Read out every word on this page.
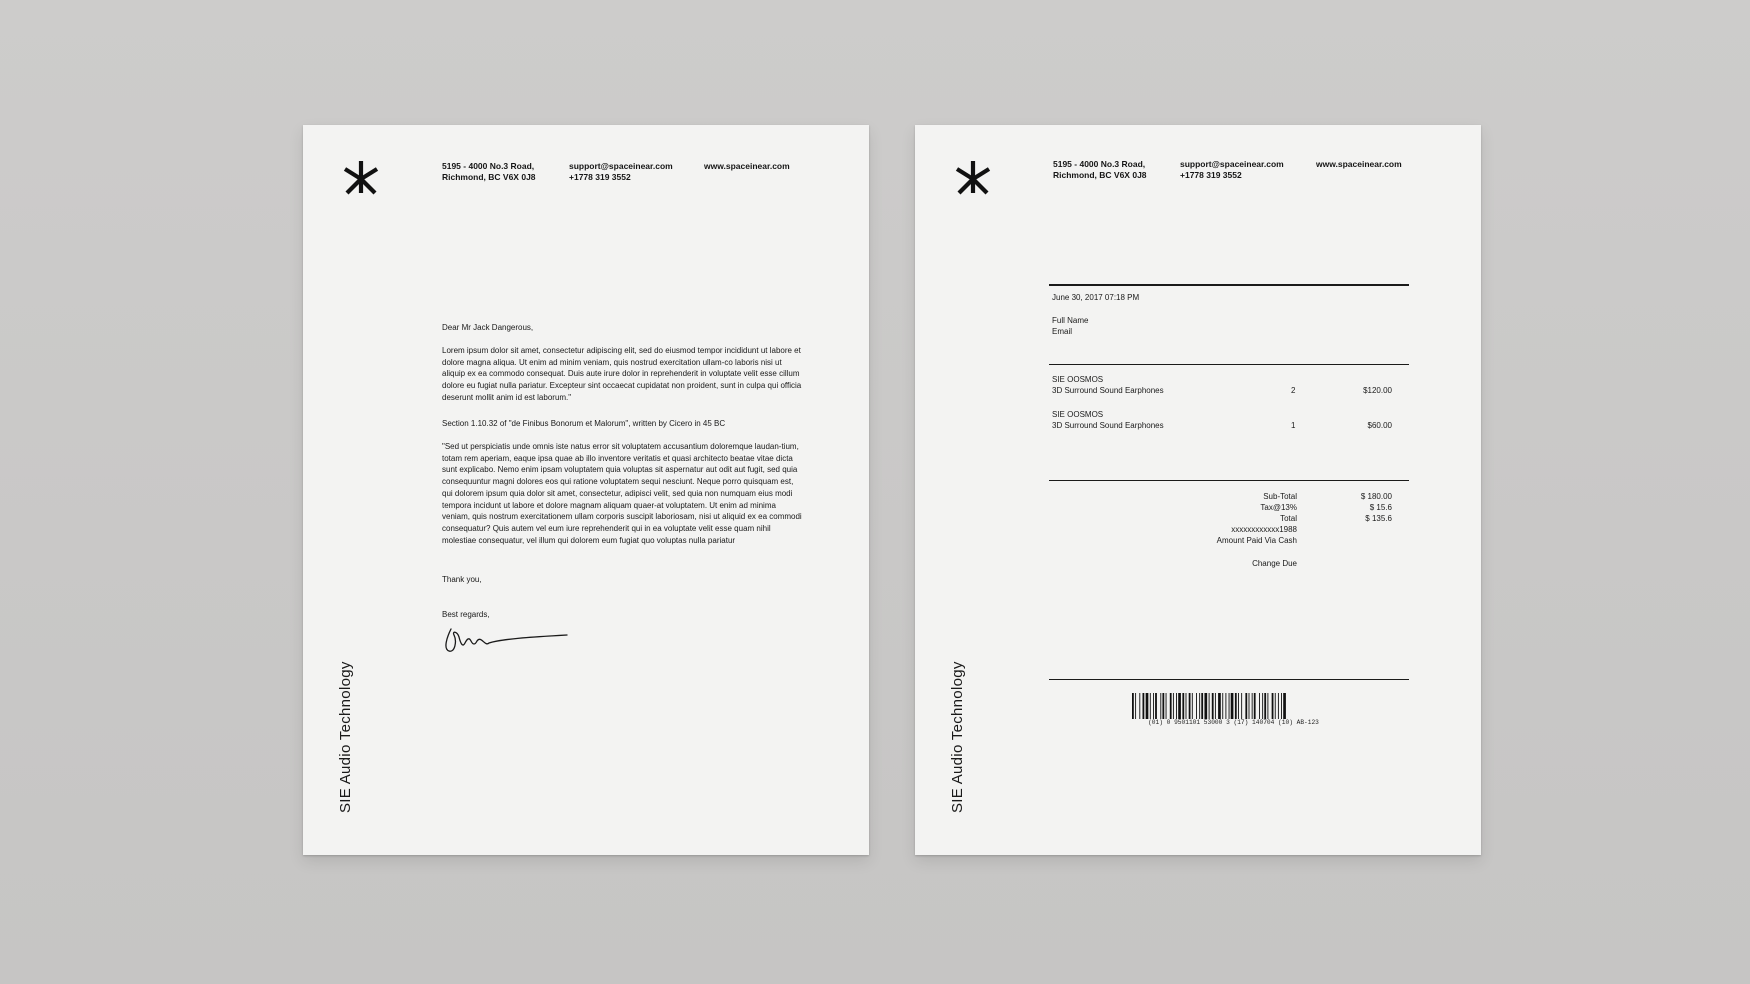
5195 - 4000 No.3 Road,
Richmond, BC V6X 0J8
support@spaceinear.com
+1778 319 3552
www.spaceinear.com
Dear Mr Jack Dangerous,
Lorem ipsum dolor sit amet, consectetur adipiscing elit, sed do eiusmod tempor incididunt ut labore et dolore magna aliqua. Ut enim ad minim veniam, quis nostrud exercitation ullam-co laboris nisi ut aliquip ex ea commodo consequat. Duis aute irure dolor in reprehenderit in voluptate velit esse cillum dolore eu fugiat nulla pariatur. Excepteur sint occaecat cupidatat non proident, sunt in culpa qui officia deserunt mollit anim id est laborum."
Section 1.10.32 of "de Finibus Bonorum et Malorum", written by Cicero in 45 BC
"Sed ut perspiciatis unde omnis iste natus error sit voluptatem accusantium doloremque laudan-tium, totam rem aperiam, eaque ipsa quae ab illo inventore veritatis et quasi architecto beatae vitae dicta sunt explicabo. Nemo enim ipsam voluptatem quia voluptas sit aspernatur aut odit aut fugit, sed quia consequuntur magni dolores eos qui ratione voluptatem sequi nesciunt. Neque porro quisquam est, qui dolorem ipsum quia dolor sit amet, consectetur, adipisci velit, sed quia non numquam eius modi tempora incidunt ut labore et dolore magnam aliquam quaer-at voluptatem. Ut enim ad minima veniam, quis nostrum exercitationem ullam corporis suscipit laboriosam, nisi ut aliquid ex ea commodi consequatur? Quis autem vel eum iure reprehenderit qui in ea voluptate velit esse quam nihil molestiae consequatur, vel illum qui dolorem eum fugiat quo voluptas nulla pariatur
Thank you,
Best regards,
SIE Audio Technology
5195 - 4000 No.3 Road,
Richmond, BC V6X 0J8
support@spaceinear.com
+1778 319 3552
www.spaceinear.com
June 30, 2017 07:18 PM
Full Name
Email
SIE OOSMOS
3D Surround Sound Earphones	2	$120.00
SIE OOSMOS
3D Surround Sound Earphones	1	$60.00
Sub-Total	$ 180.00
Tax@13%	$ 15.6
Total	$ 135.6
xxxxxxxxxxxx1988
Amount Paid Via Cash
Change Due
(01) 0 9501101 53000 3 (17) 140704 (10) AB-123
SIE Audio Technology
